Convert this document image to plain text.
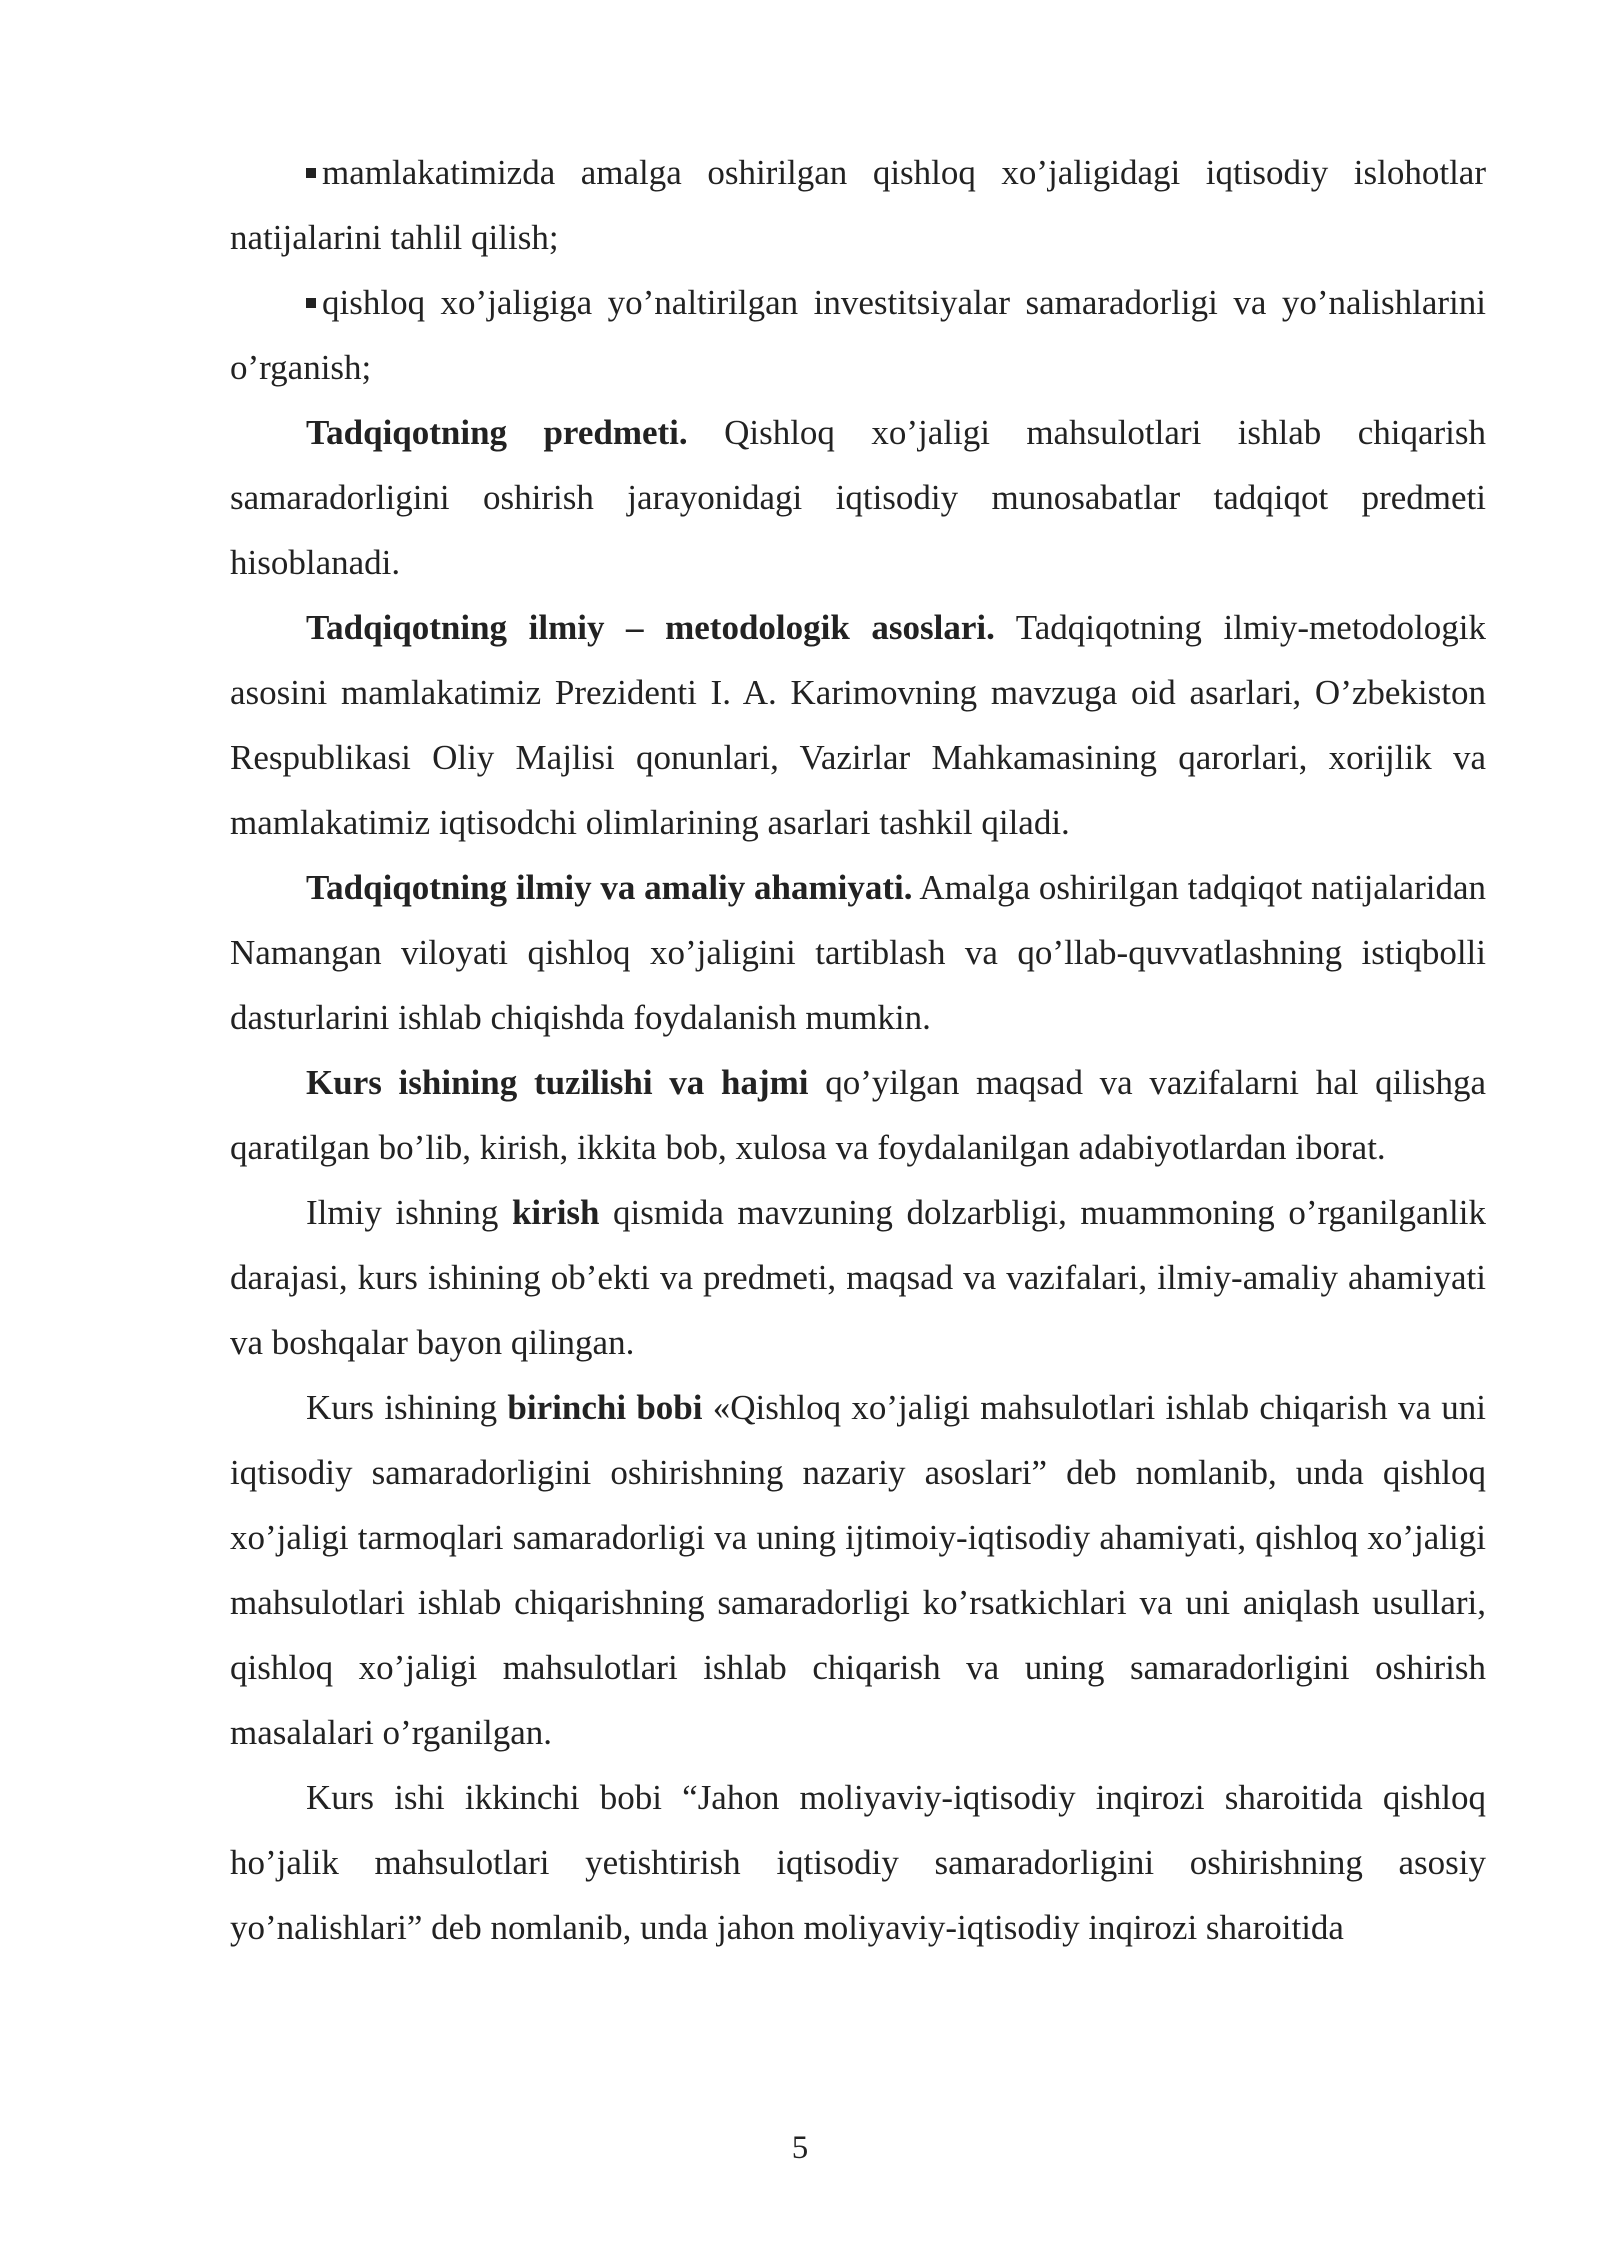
mamlakatimizda amalga oshirilgan qishloq xo’jaligidagi iqtisodiy islohotlar natijalarini tahlil qilish;

qishloq xo’jaligiga yo’naltirilgan investitsiyalar samaradorligi va yo’nalishlarini o’rganish;

Tadqiqotning predmeti. Qishloq xo’jaligi mahsulotlari ishlab chiqarish samaradorligini oshirish jarayonidagi iqtisodiy munosabatlar tadqiqot predmeti hisoblanadi.

Tadqiqotning ilmiy – metodologik asoslari. Tadqiqotning ilmiy-metodologik asosini mamlakatimiz Prezidenti I. A. Karimovning mavzuga oid asarlari, O’zbekiston Respublikasi Oliy Majlisi qonunlari, Vazirlar Mahkamasining qarorlari, xorijlik va mamlakatimiz iqtisodchi olimlarining asarlari tashkil qiladi.

Tadqiqotning ilmiy va amaliy ahamiyati. Amalga oshirilgan tadqiqot natijalaridan Namangan viloyati qishloq xo’jaligini tartiblash va qo’llab-quvvatlashning istiqbolli dasturlarini ishlab chiqishda foydalanish mumkin.

Kurs ishining tuzilishi va hajmi qo’yilgan maqsad va vazifalarni hal qilishga qaratilgan bo’lib, kirish, ikkita bob, xulosa va foydalanilgan adabiyotlardan iborat.

Ilmiy ishning kirish qismida mavzuning dolzarbligi, muammoning o’rganilganlik darajasi, kurs ishining ob’ekti va predmeti, maqsad va vazifalari, ilmiy-amaliy ahamiyati va boshqalar bayon qilingan.

Kurs ishining birinchi bobi «Qishloq xo’jaligi mahsulotlari ishlab chiqarish va uni iqtisodiy samaradorligini oshirishning nazariy asoslari” deb nomlanib, unda qishloq xo’jaligi tarmoqlari samaradorligi va uning ijtimoiy-iqtisodiy ahamiyati, qishloq xo’jaligi mahsulotlari ishlab chiqarishning samaradorligi ko’rsatkichlari va uni aniqlash usullari, qishloq xo’jaligi mahsulotlari ishlab chiqarish va uning samaradorligini oshirish masalalari o’rganilgan.

Kurs ishi ikkinchi bobi “Jahon moliyaviy-iqtisodiy inqirozi sharoitida qishloq ho’jalik mahsulotlari yetishtirish iqtisodiy samaradorligini oshirishning asosiy yo’nalishlari” deb nomlanib, unda jahon moliyaviy-iqtisodiy inqirozi sharoitida

5
